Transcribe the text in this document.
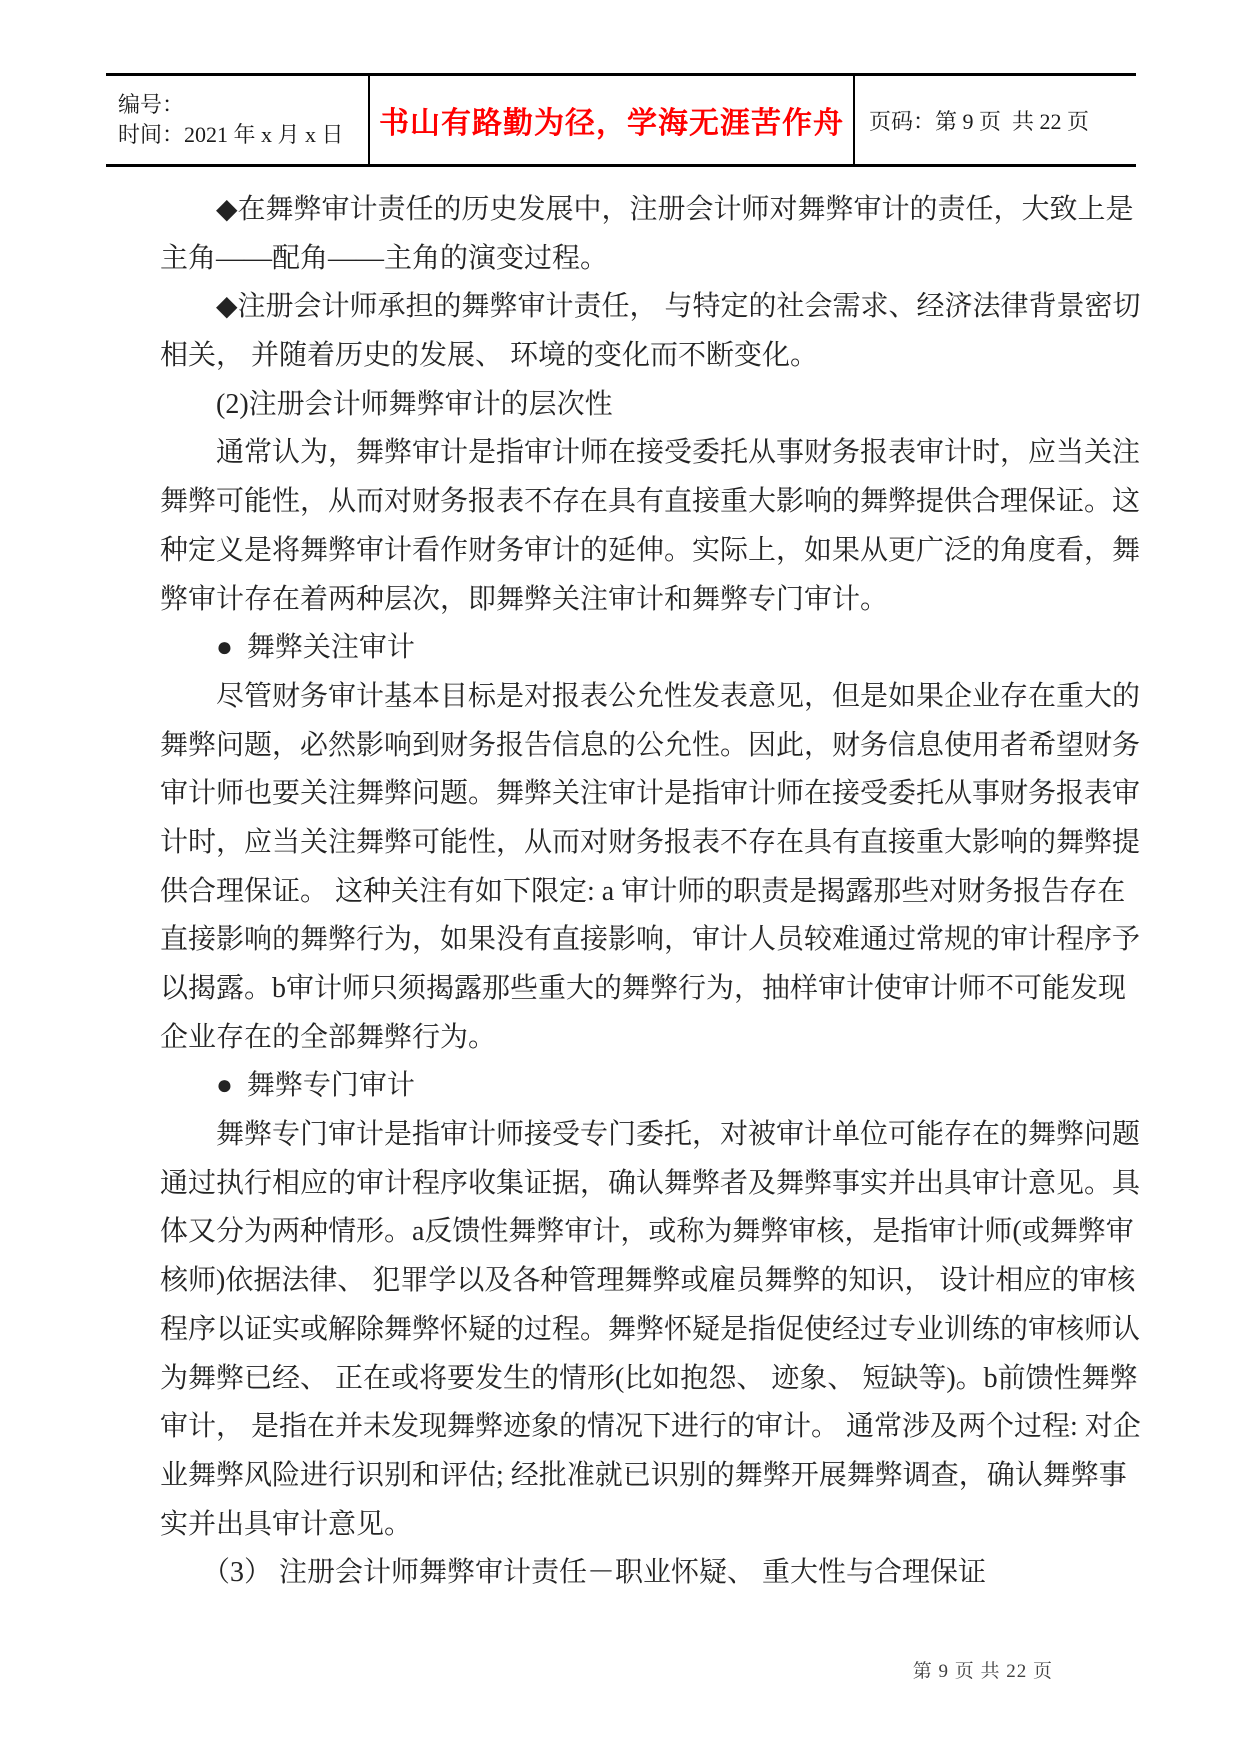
编号：
时间：2021 年 x 月 x 日	书山有路勤为径，学海无涯苦作舟 页码：第 9 页  共 22 页
　　◆在舞弊审计责任的历史发展中，注册会计师对舞弊审计的责任，大致上是
主角——配角——主角的演变过程。
　　◆注册会计师承担的舞弊审计责任， 与特定的社会需求、经济法律背景密切
相关， 并随着历史的发展、 环境的变化而不断变化。
　　(2)注册会计师舞弊审计的层次性
　　通常认为，舞弊审计是指审计师在接受委托从事财务报表审计时，应当关注
舞弊可能性，从而对财务报表不存在具有直接重大影响的舞弊提供合理保证。这
种定义是将舞弊审计看作财务审计的延伸。实际上，如果从更广泛的角度看，舞
弊审计存在着两种层次，即舞弊关注审计和舞弊专门审计。
　　●  舞弊关注审计
　　尽管财务审计基本目标是对报表公允性发表意见，但是如果企业存在重大的
舞弊问题，必然影响到财务报告信息的公允性。因此，财务信息使用者希望财务
审计师也要关注舞弊问题。舞弊关注审计是指审计师在接受委托从事财务报表审
计时，应当关注舞弊可能性，从而对财务报表不存在具有直接重大影响的舞弊提
供合理保证。 这种关注有如下限定: a 审计师的职责是揭露那些对财务报告存在
直接影响的舞弊行为，如果没有直接影响，审计人员较难通过常规的审计程序予
以揭露。b审计师只须揭露那些重大的舞弊行为，抽样审计使审计师不可能发现
企业存在的全部舞弊行为。
　　●  舞弊专门审计
　　舞弊专门审计是指审计师接受专门委托，对被审计单位可能存在的舞弊问题
通过执行相应的审计程序收集证据，确认舞弊者及舞弊事实并出具审计意见。具
体又分为两种情形。a反馈性舞弊审计，或称为舞弊审核，是指审计师(或舞弊审
核师)依据法律、 犯罪学以及各种管理舞弊或雇员舞弊的知识， 设计相应的审核
程序以证实或解除舞弊怀疑的过程。舞弊怀疑是指促使经过专业训练的审核师认
为舞弊已经、 正在或将要发生的情形(比如抱怨、 迹象、 短缺等)。b前馈性舞弊
审计， 是指在并未发现舞弊迹象的情况下进行的审计。 通常涉及两个过程: 对企
业舞弊风险进行识别和评估; 经批准就已识别的舞弊开展舞弊调查，确认舞弊事
实并出具审计意见。
　　（3） 注册会计师舞弊审计责任－职业怀疑、 重大性与合理保证
第 9 页 共 22 页
